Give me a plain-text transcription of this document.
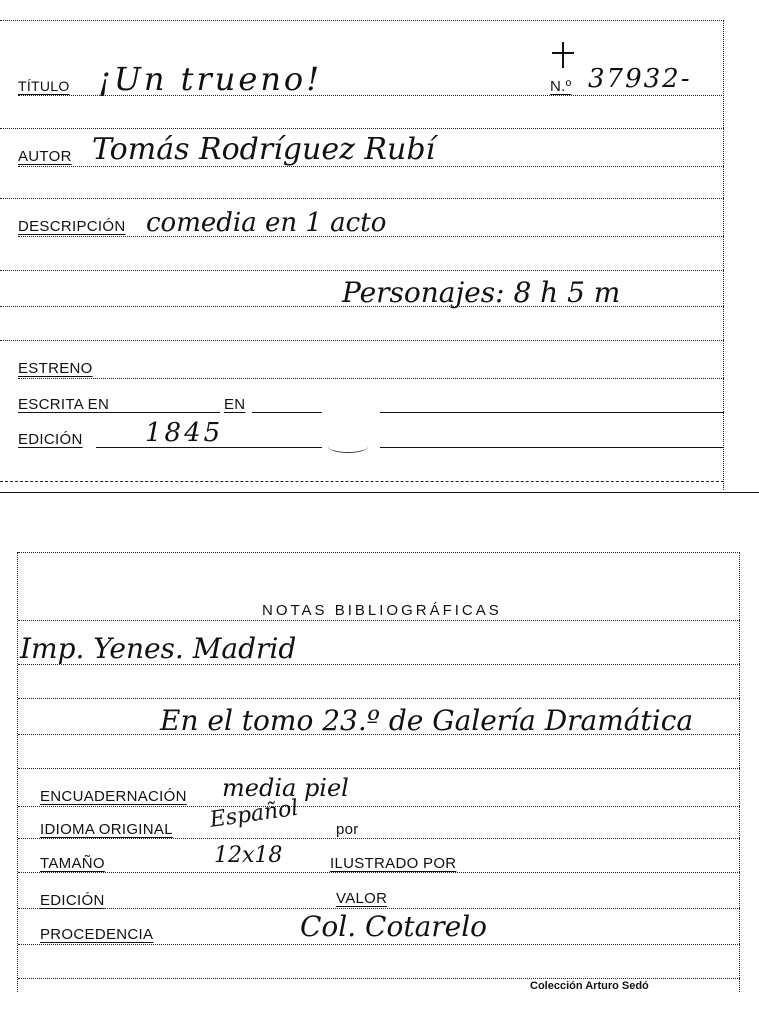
TÍTULO ¡Un trueno!	N.º 37932-
AUTOR Tomás Rodríguez Rubí
DESCRIPCIÓN comedia en 1 acto
Personajes: 8 h 5 m
ESTRENO
ESCRITA EN	EN
EDICIÓN 1845
NOTAS BIBLIOGRÁFICAS
Imp. Yenes. Madrid
En el tomo 23.º de Galería Dramática
ENCUADERNACIÓN media piel
IDIOMA ORIGINAL Español por
TAMAÑO	12x18	ILUSTRADO POR
EDICIÓN	VALOR
PROCEDENCIA	Col. Cotarelo
Colección Arturo Sedó
